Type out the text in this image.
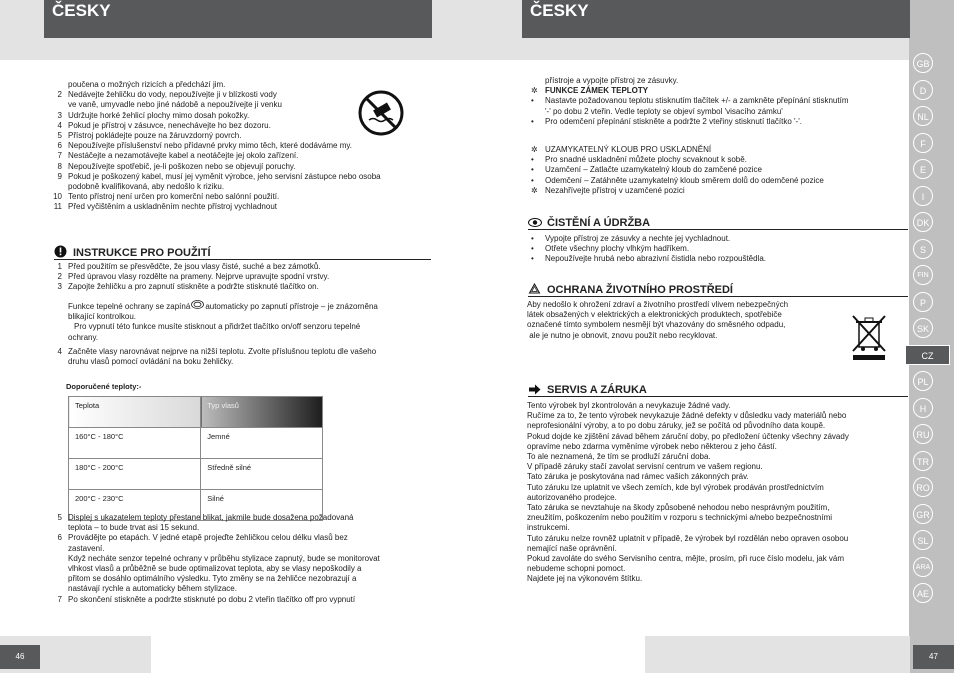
ČESKY	ČESKY
poučena o možných rizicích a předchází jim.
2 Nedávejte žehličku do vody, nepoužívejte ji v blízkosti vody
ve vaně, umyvadle nebo jiné nádobě a nepoužívejte ji venku
3 Udržujte horké žehlicí plochy mimo dosah pokožky.
4 Pokud je přístroj v zásuvce, nenechávejte ho bez dozoru.
5 Přístroj pokládejte pouze na žáruvzdorný povrch.
6 Nepoužívejte příslušenství nebo přídavné prvky mimo těch, které dodáváme my.
7 Nestáčejte a nezamotávejte kabel a neotáčejte jej okolo zařízení.
8 Nepoužívejte spotřebič, je-li poškozen nebo se objevují poruchy.
9 Pokud je poškozený kabel, musí jej vyměnit výrobce, jeho servisní zástupce nebo osoba
podobně kvalifikovaná, aby nedošlo k riziku.
10 Tento přístroj není určen pro komerční nebo salónní použití.
11 Před vyčištěním a uskladněním nechte přístroj vychladnout
INSTRUKCE PRO POUŽITÍ
1 Před použitím se přesvědčte, že jsou vlasy čisté, suché a bez zámotků.
2 Před úpravou vlasy rozdělte na prameny. Nejprve upravujte spodní vrstvy.
3 Zapojte žehličku a pro zapnutí stiskněte a podržte stisknuté tlačítko on.
Funkce tepelné ochrany se zapíná automaticky po zapnutí přístroje – je znázorněna
blikající kontrolkou.
Pro vypnutí této funkce musíte stisknout a přidržet tlačítko on/off senzoru tepelné
ochrany.
4 Začněte vlasy narovnávat nejprve na nižší teplotu. Zvolte příslušnou teplotu dle vašeho
druhu vlasů pomocí ovládání na boku žehličky.
Doporučené teploty:-
Teplota	Typ vlasů
160°C - 180°C	Jemné
180°C - 200°C	Středně silné
200°C - 230°C	Silné
5 Displej s ukazatelem teploty přestane blikat, jakmile bude dosažena požadovaná
teplota – to bude trvat asi 15 sekund.
6 Provádějte po etapách. V jedné etapě projeďte žehličkou celou délku vlasů bez
zastavení.
Když necháte senzor tepelné ochrany v průběhu stylizace zapnutý, bude se monitorovat
vlhkost vlasů a průběžně se bude optimalizovat teplota, aby se vlasy nepoškodily a
přitom se dosáhlo optimálního výsledku. Tyto změny se na žehličce nezobrazují a
nastávají rychle a automaticky během stylizace.
7 Po skončení stiskněte a podržte stisknuté po dobu 2 vteřin tlačítko off pro vypnutí
46
přístroje a vypojte přístroj ze zásuvky.
✲ FUNKCE ZÁMEK TEPLOTY
• Nastavte požadovanou teplotu stisknutím tlačítek +/- a zamkněte přepínání stisknutím
'-' po dobu 2 vteřin. Vedle teploty se objeví symbol 'visacího zámku'
• Pro odemčení přepínání stiskněte a podržte 2 vteřiny stisknutí tlačítko '-'.
✲ UZAMYKATELNÝ KLOUB PRO USKLADNĚNÍ
• Pro snadné uskladnění můžete plochy scvaknout k sobě.
• Uzamčení – Zatlačte uzamykatelný kloub do zamčené pozice
• Odemčení – Zatáhněte uzamykatelný kloub směrem dolů do odemčené pozice
✲ Nezahřívejte přístroj v uzamčené pozici
ČISTĚNÍ A ÚDRŽBA
• Vypojte přístroj ze zásuvky a nechte jej vychladnout.
• Otřete všechny plochy vlhkým hadříkem.
• Nepoužívejte hrubá nebo abrazivní čistidla nebo rozpouštědla.
OCHRANA ŽIVOTNÍHO PROSTŘEDÍ
Aby nedošlo k ohrožení zdraví a životního prostředí vlivem nebezpečných
látek obsažených v elektrických a elektronických produktech, spotřebiče
označené tímto symbolem nesmějí být vhazovány do směsného odpadu,
ale je nutno je obnovit, znovu použít nebo recyklovat.
SERVIS A ZÁRUKA
Tento výrobek byl zkontrolován a nevykazuje žádné vady.
Ručíme za to, že tento výrobek nevykazuje žádné defekty v důsledku vady materiálů nebo
neprofesionální výroby, a to po dobu záruky, jež se počítá od původního data koupě.
Pokud dojde ke zjištění závad během záruční doby, po předložení účtenky všechny závady
opravíme nebo zdarma vyměníme výrobek nebo některou z jeho částí.
To ale neznamená, že tím se prodluží záruční doba.
V případě záruky stačí zavolat servisní centrum ve vašem regionu.
Tato záruka je poskytována nad rámec vašich zákonných práv.
Tuto záruku lze uplatnit ve všech zemích, kde byl výrobek prodáván prostřednictvím
autorizovaného prodejce.
Tato záruka se nevztahuje na škody způsobené nehodou nebo nesprávným použitím,
zneužitím, poškozením nebo použitím v rozporu s technickými a/nebo bezpečnostními
instrukcemi.
Tuto záruku nelze rovněž uplatnit v případě, že výrobek byl rozdělán nebo opraven osobou
nemající naše oprávnění.
Pokud zavoláte do svého Servisního centra, mějte, prosím, při ruce číslo modelu, jak vám
nebudeme schopni pomoct.
Najdete jej na výkonovém štítku.
47
GB
D
NL
F
E
I
DK
S
FIN
P
SK
CZ
PL
H
RU
TR
RO
GR
SL
ARA
AE
